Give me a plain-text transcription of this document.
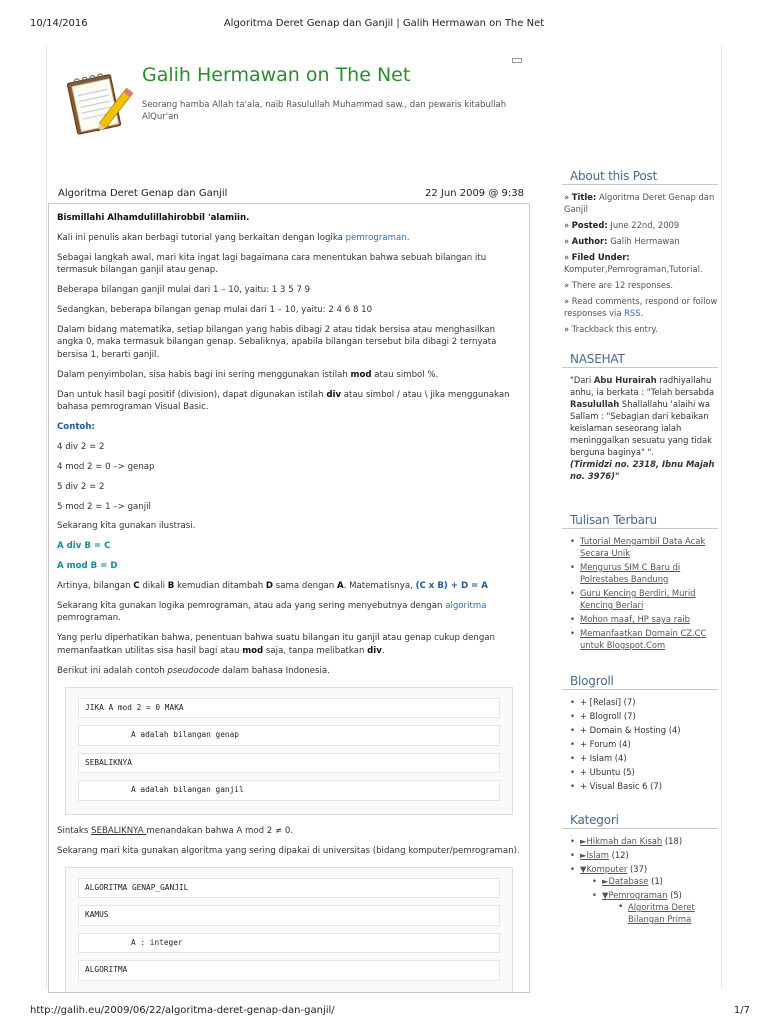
10/14/2016	Algoritma Deret Genap dan Ganjil | Galih Hermawan on The Net
Galih Hermawan on The Net
Seorang hamba Allah ta'ala, naib Rasulullah Muhammad saw., dan pewaris kitabullah AlQur'an
Algoritma Deret Genap dan Ganjil	22 Jun 2009 @ 9:38

Bismillahi Alhamdulillahirobbil 'alamiin.

Kali ini penulis akan berbagi tutorial yang berkaitan dengan logika pemrograman.

Sebagai langkah awal, mari kita ingat lagi bagaimana cara menentukan bahwa sebuah bilangan itu termasuk bilangan ganjil atau genap.

Beberapa bilangan ganjil mulai dari 1 – 10, yaitu: 1 3 5 7 9

Sedangkan, beberapa bilangan genap mulai dari 1 – 10, yaitu: 2 4 6 8 10

Dalam bidang matematika, setiap bilangan yang habis dibagi 2 atau tidak bersisa atau menghasilkan angka 0, maka termasuk bilangan genap. Sebaliknya, apabila bilangan tersebut bila dibagi 2 ternyata bersisa 1, berarti ganjil.

Dalam penyimbolan, sisa habis bagi ini sering menggunakan istilah mod atau simbol %.

Dan untuk hasil bagi positif (division), dapat digunakan istilah div atau simbol / atau \ jika menggunakan bahasa pemrograman Visual Basic.

Contoh:

4 div 2 = 2

4 mod 2 = 0 –> genap

5 div 2 = 2

5 mod 2 = 1 –> ganjil

Sekarang kita gunakan ilustrasi.

A div B = C

A mod B = D

Artinya, bilangan C dikali B kemudian ditambah D sama dengan A. Matematisnya, (C x B) + D = A

Sekarang kita gunakan logika pemrograman, atau ada yang sering menyebutnya dengan algoritma pemrograman.

Yang perlu diperhatikan bahwa, penentuan bahwa suatu bilangan itu ganjil atau genap cukup dengan memanfaatkan utilitas sisa hasil bagi atau mod saja, tanpa melibatkan div.

Berikut ini adalah contoh pseudocode dalam bahasa Indonesia.

JIKA A mod 2 = 0 MAKA
A adalah bilangan genap
SEBALIKNYA
A adalah bilangan ganjil

Sintaks SEBALIKNYA menandakan bahwa A mod 2 ≠ 0.

Sekarang mari kita gunakan algoritma yang sering dipakai di universitas (bidang komputer/pemrograman).

ALGORITMA GENAP_GANJIL
KAMUS
A : integer
ALGORITMA
About this Post
» Title: Algoritma Deret Genap dan Ganjil
» Posted: June 22nd, 2009
» Author: Galih Hermawan
» Filed Under:
Komputer,Pemrograman,Tutorial.
» There are 12 responses.
» Read comments, respond or follow responses via RSS.
» Trackback this entry.
NASEHAT
"Dari Abu Hurairah radhiyallahu anhu, ia berkata : "Telah bersabda Rasulullah Shallallahu 'alaihi wa Sallam : "Sebagian dari kebaikan keislaman seseorang ialah meninggalkan sesuatu yang tidak berguna baginya" ".
(Tirmidzi no. 2318, Ibnu Majah no. 3976)"
Tulisan Terbaru
• Tutorial Mengambil Data Acak Secara Unik
• Mengurus SIM C Baru di Polrestabes Bandung
• Guru Kencing Berdiri, Murid Kencing Berlari
• Mohon maaf, HP saya raib
• Memanfaatkan Domain CZ.CC untuk Blogspot.Com
Blogroll
• + [Relasi] (7)
• + Blogroll (7)
• + Domain & Hosting (4)
• + Forum (4)
• + Islam (4)
• + Ubuntu (5)
• + Visual Basic 6 (7)
Kategori
• ►Hikmah dan Kisah (18)
• ►Islam (12)
• ▼Komputer (37)
• ►Database (1)
• ▼Pemrograman (5)
• Algoritma Deret Bilangan Prima
http://galih.eu/2009/06/22/algoritma-deret-genap-dan-ganjil/	1/7
